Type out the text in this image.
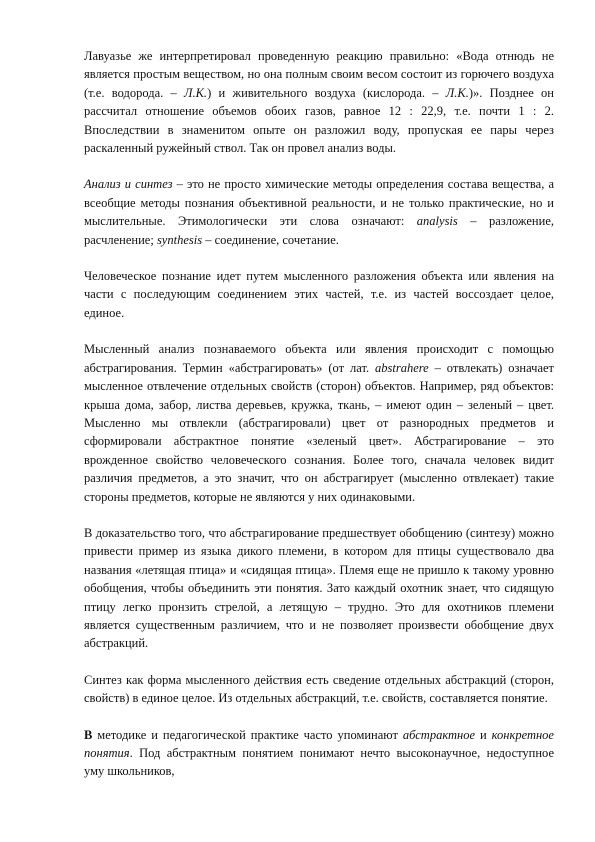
Лавуазье же интерпретировал проведенную реакцию правильно: «Вода отнюдь не является простым веществом, но она полным своим весом состоит из горючего воздуха (т.е. водорода. – Л.К.) и живительного воздуха (кислорода. – Л.К.)». Позднее он рассчитал отношение объемов обоих газов, равное 12 : 22,9, т.е. почти 1 : 2. Впоследствии в знаменитом опыте он разложил воду, пропуская ее пары через раскаленный ружейный ствол. Так он провел анализ воды.

Анализ и синтез – это не просто химические методы определения состава вещества, а всеобщие методы познания объективной реальности, и не только практические, но и мыслительные. Этимологически эти слова означают: analysis – разложение, расчленение; synthesis – соединение, сочетание.

Человеческое познание идет путем мысленного разложения объекта или явления на части с последующим соединением этих частей, т.е. из частей воссоздает целое, единое.

Мысленный анализ познаваемого объекта или явления происходит с помощью абстрагирования. Термин «абстрагировать» (от лат. abstrahere – отвлекать) означает мысленное отвлечение отдельных свойств (сторон) объектов. Например, ряд объектов: крыша дома, забор, листва деревьев, кружка, ткань, – имеют один – зеленый – цвет. Мысленно мы отвлекли (абстрагировали) цвет от разнородных предметов и сформировали абстрактное понятие «зеленый цвет». Абстрагирование – это врожденное свойство человеческого сознания. Более того, сначала человек видит различия предметов, а это значит, что он абстрагирует (мысленно отвлекает) такие стороны предметов, которые не являются у них одинаковыми.

В доказательство того, что абстрагирование предшествует обобщению (синтезу) можно привести пример из языка дикого племени, в котором для птицы существовало два названия «летящая птица» и «сидящая птица». Племя еще не пришло к такому уровню обобщения, чтобы объединить эти понятия. Зато каждый охотник знает, что сидящую птицу легко пронзить стрелой, а летящую – трудно. Это для охотников племени является существенным различием, что и не позволяет произвести обобщение двух абстракций.

Синтез как форма мысленного действия есть сведение отдельных абстракций (сторон, свойств) в единое целое. Из отдельных абстракций, т.е. свойств, составляется понятие.

В методике и педагогической практике часто упоминают абстрактное и конкретное понятия. Под абстрактным понятием понимают нечто высоконаучное, недоступное уму школьников,
